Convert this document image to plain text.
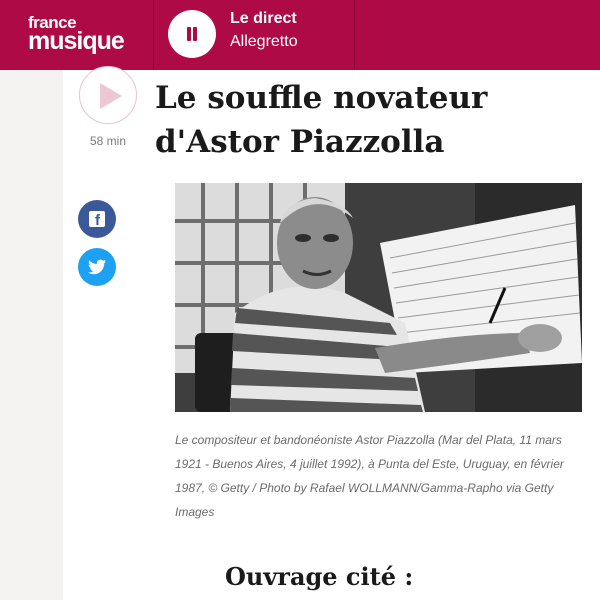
france
musique
Le direct
Allegretto
58 min
f
Le souffle novateur d'Astor Piazzolla

Le compositeur et bandonéoniste Astor Piazzolla (Mar del Plata, 11 mars 1921 - Buenos Aires, 4 juillet 1992), à Punta del Este, Uruguay, en février 1987, © Getty / Photo by Rafael WOLLMANN/Gamma-Rapho via Getty Images

Ouvrage cité :
